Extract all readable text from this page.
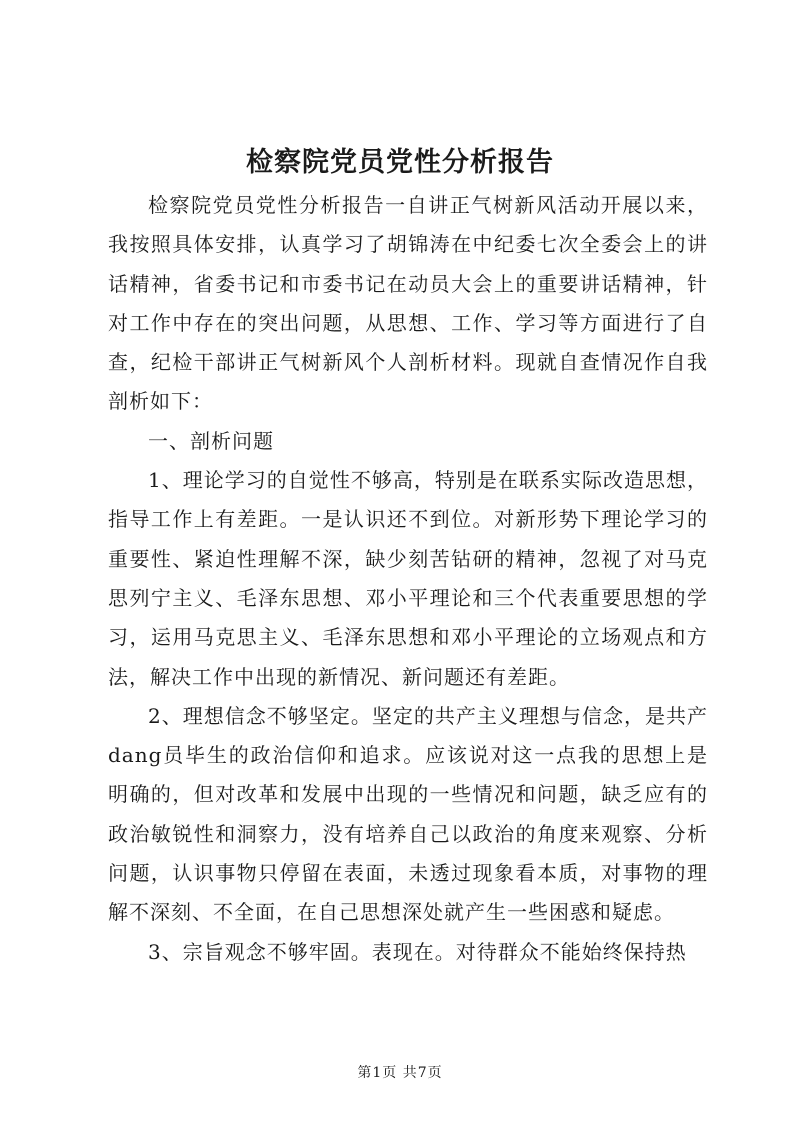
检察院党员党性分析报告

检察院党员党性分析报告一自讲正气树新风活动开展以来，我按照具体安排，认真学习了胡锦涛在中纪委七次全委会上的讲话精神，省委书记和市委书记在动员大会上的重要讲话精神，针对工作中存在的突出问题，从思想、工作、学习等方面进行了自查，纪检干部讲正气树新风个人剖析材料。现就自查情况作自我剖析如下：

一、剖析问题

1、理论学习的自觉性不够高，特别是在联系实际改造思想，指导工作上有差距。一是认识还不到位。对新形势下理论学习的重要性、紧迫性理解不深，缺少刻苦钻研的精神，忽视了对马克思列宁主义、毛泽东思想、邓小平理论和三个代表重要思想的学习，运用马克思主义、毛泽东思想和邓小平理论的立场观点和方法，解决工作中出现的新情况、新问题还有差距。

2、理想信念不够坚定。坚定的共产主义理想与信念，是共产dang员毕生的政治信仰和追求。应该说对这一点我的思想上是明确的，但对改革和发展中出现的一些情况和问题，缺乏应有的政治敏锐性和洞察力，没有培养自己以政治的角度来观察、分析问题，认识事物只停留在表面，未透过现象看本质，对事物的理解不深刻、不全面，在自己思想深处就产生一些困惑和疑虑。

3、宗旨观念不够牢固。表现在。对待群众不能始终保持热

第1页 共7页
